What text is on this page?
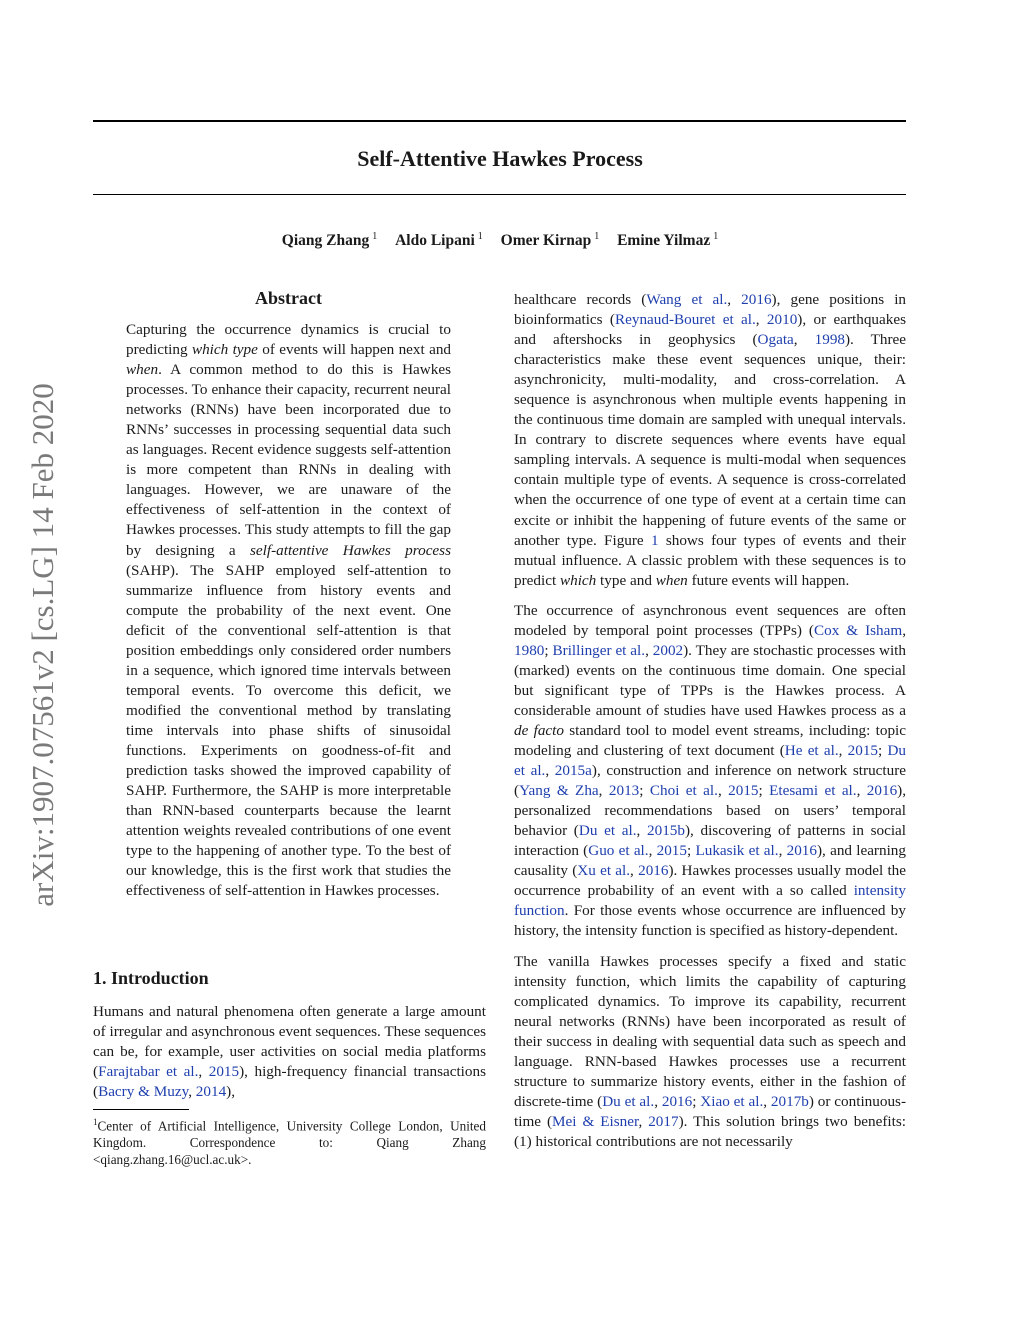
Self-Attentive Hawkes Process
Qiang Zhang $^1$ Aldo Lipani $^1$ Omer Kirnap $^1$ Emine Yilmaz $^1$
arXiv:1907.07561v2 [cs.LG] 14 Feb 2020
Abstract

Capturing the occurrence dynamics is crucial to predicting which type of events will happen next and when. A common method to do this is Hawkes processes. To enhance their capacity, recurrent neural networks (RNNs) have been incorporated due to RNNs’ successes in processing sequential data such as languages. Recent evidence suggests self-attention is more competent than RNNs in dealing with languages. However, we are unaware of the effectiveness of self-attention in the context of Hawkes processes. This study attempts to fill the gap by designing a self-attentive Hawkes process (SAHP). The SAHP employed self-attention to summarize influence from history events and compute the probability of the next event. One deficit of the conventional self-attention is that position embeddings only considered order numbers in a sequence, which ignored time intervals between temporal events. To overcome this deficit, we modified the conventional method by translating time intervals into phase shifts of sinusoidal functions. Experiments on goodness-of-fit and prediction tasks showed the improved capability of SAHP. Furthermore, the SAHP is more interpretable than RNN-based counterparts because the learnt attention weights revealed contributions of one event type to the happening of another type. To the best of our knowledge, this is the first work that studies the effectiveness of self-attention in Hawkes processes.

1. Introduction

Humans and natural phenomena often generate a large amount of irregular and asynchronous event sequences. These sequences can be, for example, user activities on social media platforms (Farajtabar et al., 2015), high-frequency financial transactions (Bacry & Muzy, 2014),

$^1$Center of Artificial Intelligence, University College London, United Kingdom. Correspondence to: Qiang Zhang <qiang.zhang.16@ucl.ac.uk>.

healthcare records (Wang et al., 2016), gene positions in bioinformatics (Reynaud-Bouret et al., 2010), or earthquakes and aftershocks in geophysics (Ogata, 1998). Three characteristics make these event sequences unique, their: asynchronicity, multi-modality, and cross-correlation. A sequence is asynchronous when multiple events happening in the continuous time domain are sampled with unequal intervals. In contrary to discrete sequences where events have equal sampling intervals. A sequence is multi-modal when sequences contain multiple type of events. A sequence is cross-correlated when the occurrence of one type of event at a certain time can excite or inhibit the happening of future events of the same or another type. Figure 1 shows four types of events and their mutual influence. A classic problem with these sequences is to predict which type and when future events will happen.

The occurrence of asynchronous event sequences are often modeled by temporal point processes (TPPs) (Cox & Isham, 1980; Brillinger et al., 2002). They are stochastic processes with (marked) events on the continuous time domain. One special but significant type of TPPs is the Hawkes process. A considerable amount of studies have used Hawkes process as a de facto standard tool to model event streams, including: topic modeling and clustering of text document (He et al., 2015; Du et al., 2015a), construction and inference on network structure (Yang & Zha, 2013; Choi et al., 2015; Etesami et al., 2016), personalized recommendations based on users’ temporal behavior (Du et al., 2015b), discovering of patterns in social interaction (Guo et al., 2015; Lukasik et al., 2016), and learning causality (Xu et al., 2016). Hawkes processes usually model the occurrence probability of an event with a so called intensity function. For those events whose occurrence are influenced by history, the intensity function is specified as history-dependent.

The vanilla Hawkes processes specify a fixed and static intensity function, which limits the capability of capturing complicated dynamics. To improve its capability, recurrent neural networks (RNNs) have been incorporated as result of their success in dealing with sequential data such as speech and language. RNN-based Hawkes processes use a recurrent structure to summarize history events, either in the fashion of discrete-time (Du et al., 2016; Xiao et al., 2017b) or continuous-time (Mei & Eisner, 2017). This solution brings two benefits: (1) historical contributions are not necessarily
